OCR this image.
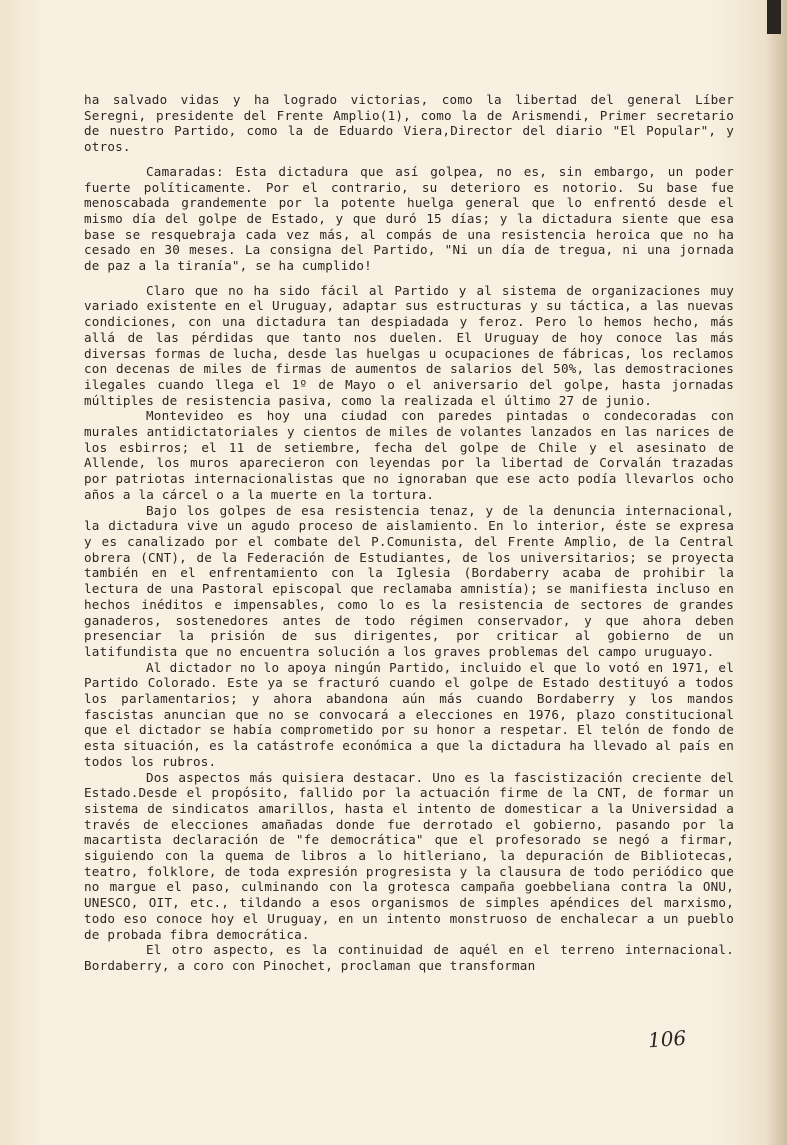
ha salvado vidas y ha logrado victorias, como la libertad del general Líber Seregni, presidente del Frente Amplio(1), como la de Arismendi, Primer secretario de nuestro Partido, como la de Eduardo Viera,Director del diario "El Popular", y otros.

Camaradas: Esta dictadura que así golpea, no es, sin embargo, un poder fuerte políticamente. Por el contrario, su deterioro es notorio. Su base fue menoscabada grandemente por la potente huelga general que lo enfrentó desde el mismo día del golpe de Estado, y que duró 15 días; y la dictadura siente que esa base se resquebraja cada vez más, al compás de una resistencia heroica que no ha cesado en 30 meses. La consigna del Partido, "Ni un día de tregua, ni una jornada de paz a la tiranía", se ha cumplido!

Claro que no ha sido fácil al Partido y al sistema de organizaciones muy variado existente en el Uruguay, adaptar sus estructuras y su táctica, a las nuevas condiciones, con una dictadura tan despiadada y feroz. Pero lo hemos hecho, más allá de las pérdidas que tanto nos duelen. El Uruguay de hoy conoce las más diversas formas de lucha, desde las huelgas u ocupaciones de fábricas, los reclamos con decenas de miles de firmas de aumentos de salarios del 50%, las demostraciones ilegales cuando llega el 1º de Mayo o el aniversario del golpe, hasta jornadas múltiples de resistencia pasiva, como la realizada el último 27 de junio.

Montevideo es hoy una ciudad con paredes pintadas o condecoradas con murales antidictatoriales y cientos de miles de volantes lanzados en las narices de los esbirros; el 11 de setiembre, fecha del golpe de Chile y el asesinato de Allende, los muros aparecieron con leyendas por la libertad de Corvalán trazadas por patriotas internacionalistas que no ignoraban que ese acto podía llevarlos ocho años a la cárcel o a la muerte en la tortura.

Bajo los golpes de esa resistencia tenaz, y de la denuncia internacional, la dictadura vive un agudo proceso de aislamiento. En lo interior, éste se expresa y es canalizado por el combate del P.Comunista, del Frente Amplio, de la Central obrera (CNT), de la Federación de Estudiantes, de los universitarios; se proyecta también en el enfrentamiento con la Iglesia (Bordaberry acaba de prohibir la lectura de una Pastoral episcopal que reclamaba amnistía); se manifiesta incluso en hechos inéditos e impensables, como lo es la resistencia de sectores de grandes ganaderos, sostenedores antes de todo régimen conservador, y que ahora deben presenciar la prisión de sus dirigentes, por criticar al gobierno de un latifundista que no encuentra solución a los graves problemas del campo uruguayo.

Al dictador no lo apoya ningún Partido, incluido el que lo votó en 1971, el Partido Colorado. Este ya se fracturó cuando el golpe de Estado destituyó a todos los parlamentarios; y ahora abandona aún más cuando Bordaberry y los mandos fascistas anuncian que no se convocará a elecciones en 1976, plazo constitucional que el dictador se había comprometido por su honor a respetar. El telón de fondo de esta situación, es la catástrofe económica a que la dictadura ha llevado al país en todos los rubros.

Dos aspectos más quisiera destacar. Uno es la fascistización creciente del Estado.Desde el propósito, fallido por la actuación firme de la CNT, de formar un sistema de sindicatos amarillos, hasta el intento de domesticar a la Universidad a través de elecciones amañadas donde fue derrotado el gobierno, pasando por la macartista declaración de "fe democrática" que el profesorado se negó a firmar, siguiendo con la quema de libros a lo hitleriano, la depuración de Bibliotecas, teatro, folklore, de toda expresión progresista y la clausura de todo periódico que no margue el paso, culminando con la grotesca campaña goebbeliana contra la ONU, UNESCO, OIT, etc., tildando a esos organismos de simples apéndices del marxismo, todo eso conoce hoy el Uruguay, en un intento monstruoso de enchalecar a un pueblo de probada fibra democrática.

El otro aspecto, es la continuidad de aquél en el terreno internacional. Bordaberry, a coro con Pinochet, proclaman que transforman

106
